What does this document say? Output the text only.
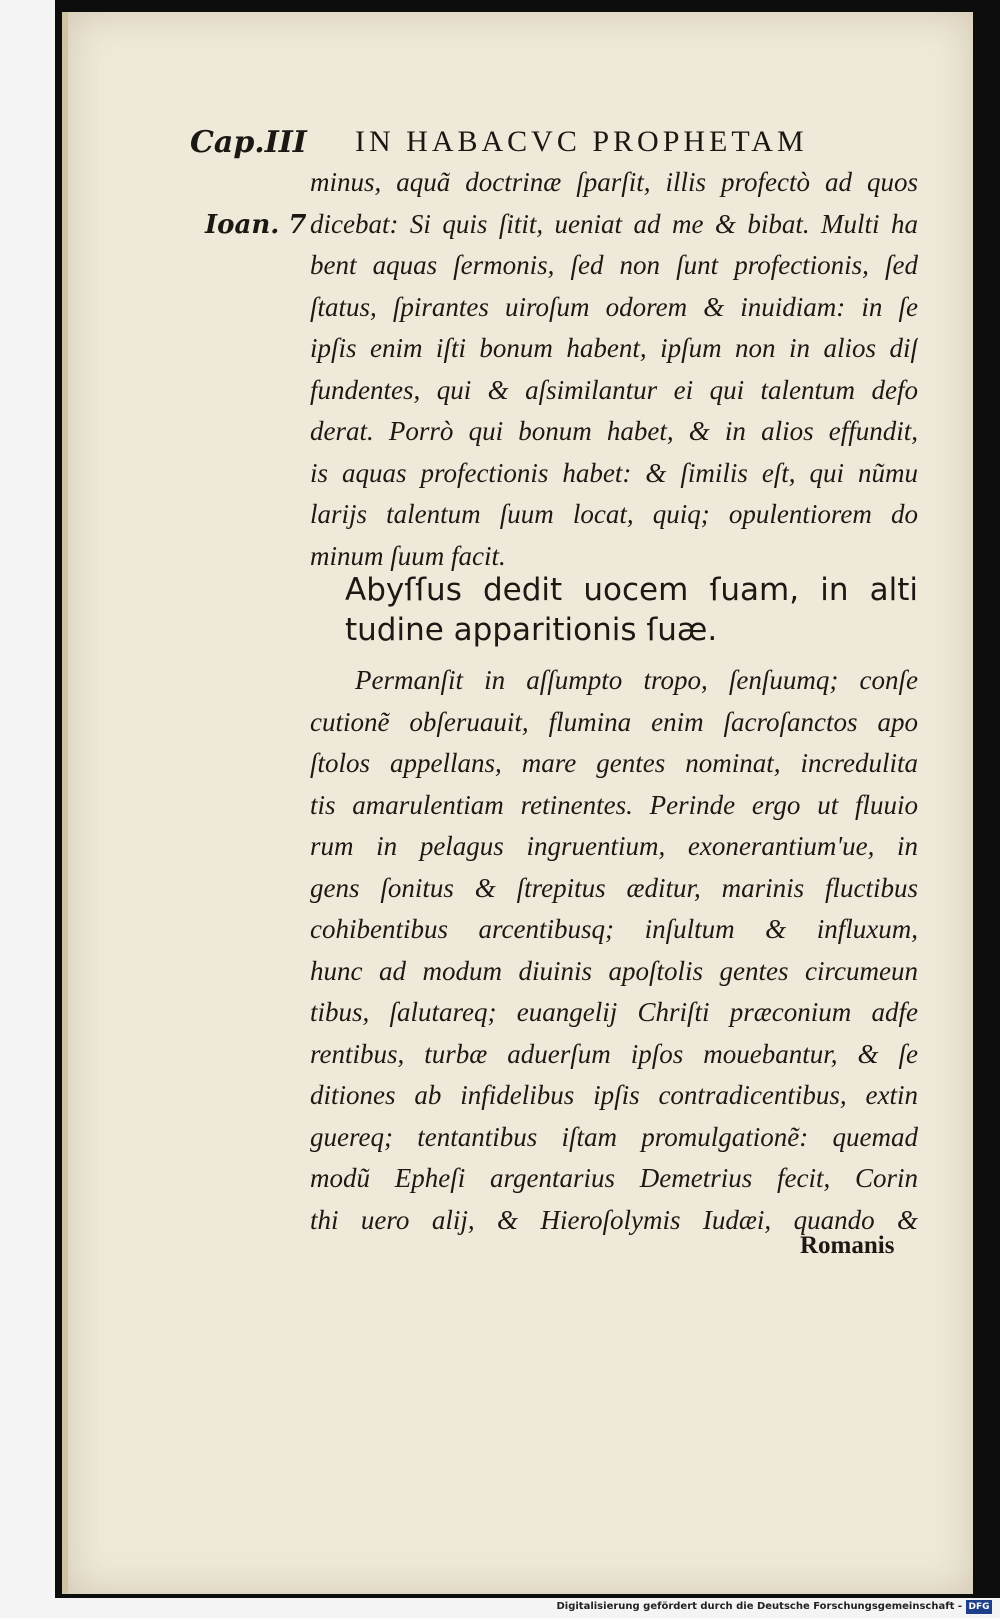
Cap.III IN HABACVC PROPHETAM
Ioan. 7
minus, aquã doctrinæ ſparſit, illis profectò ad quos
dicebat: Si quis ſitit, ueniat ad me & bibat. Multi ha
bent aquas ſermonis, ſed non ſunt profectionis, ſed
ſtatus, ſpirantes uiroſum odorem & inuidiam: in ſe
ipſis enim iſti bonum habent, ipſum non in alios diſ
fundentes, qui & aſsimilantur ei qui talentum defo
derat. Porrò qui bonum habet, & in alios effundit,
is aquas profectionis habet: & ſimilis eſt, qui nũmu
larijs talentum ſuum locat, quiq; opulentiorem do
minum ſuum facit.
Abyſſus dedit uocem ſuam, in alti
tudine apparitionis ſuæ.
Permanſit in aſſumpto tropo, ſenſuumq; conſe
cutionẽ obſeruauit, flumina enim ſacroſanctos apo
ſtolos appellans, mare gentes nominat, incredulita
tis amarulentiam retinentes. Perinde ergo ut fluuio
rum in pelagus ingruentium, exonerantium'ue, in
gens ſonitus & ſtrepitus æditur, marinis fluctibus
cohibentibus arcentibusq; inſultum & influxum,
hunc ad modum diuinis apoſtolis gentes circumeun
tibus, ſalutareq; euangelij Chriſti præconium adfe
rentibus, turbæ aduerſum ipſos mouebantur, & ſe
ditiones ab infidelibus ipſis contradicentibus, extin
guereq; tentantibus iſtam promulgationẽ: quemad
modũ Epheſi argentarius Demetrius fecit, Corin
thi uero alij, & Hieroſolymis Iudæi, quando &
Romanis
Digitalisierung gefördert durch die Deutsche Forschungsgemeinschaft - DFG
